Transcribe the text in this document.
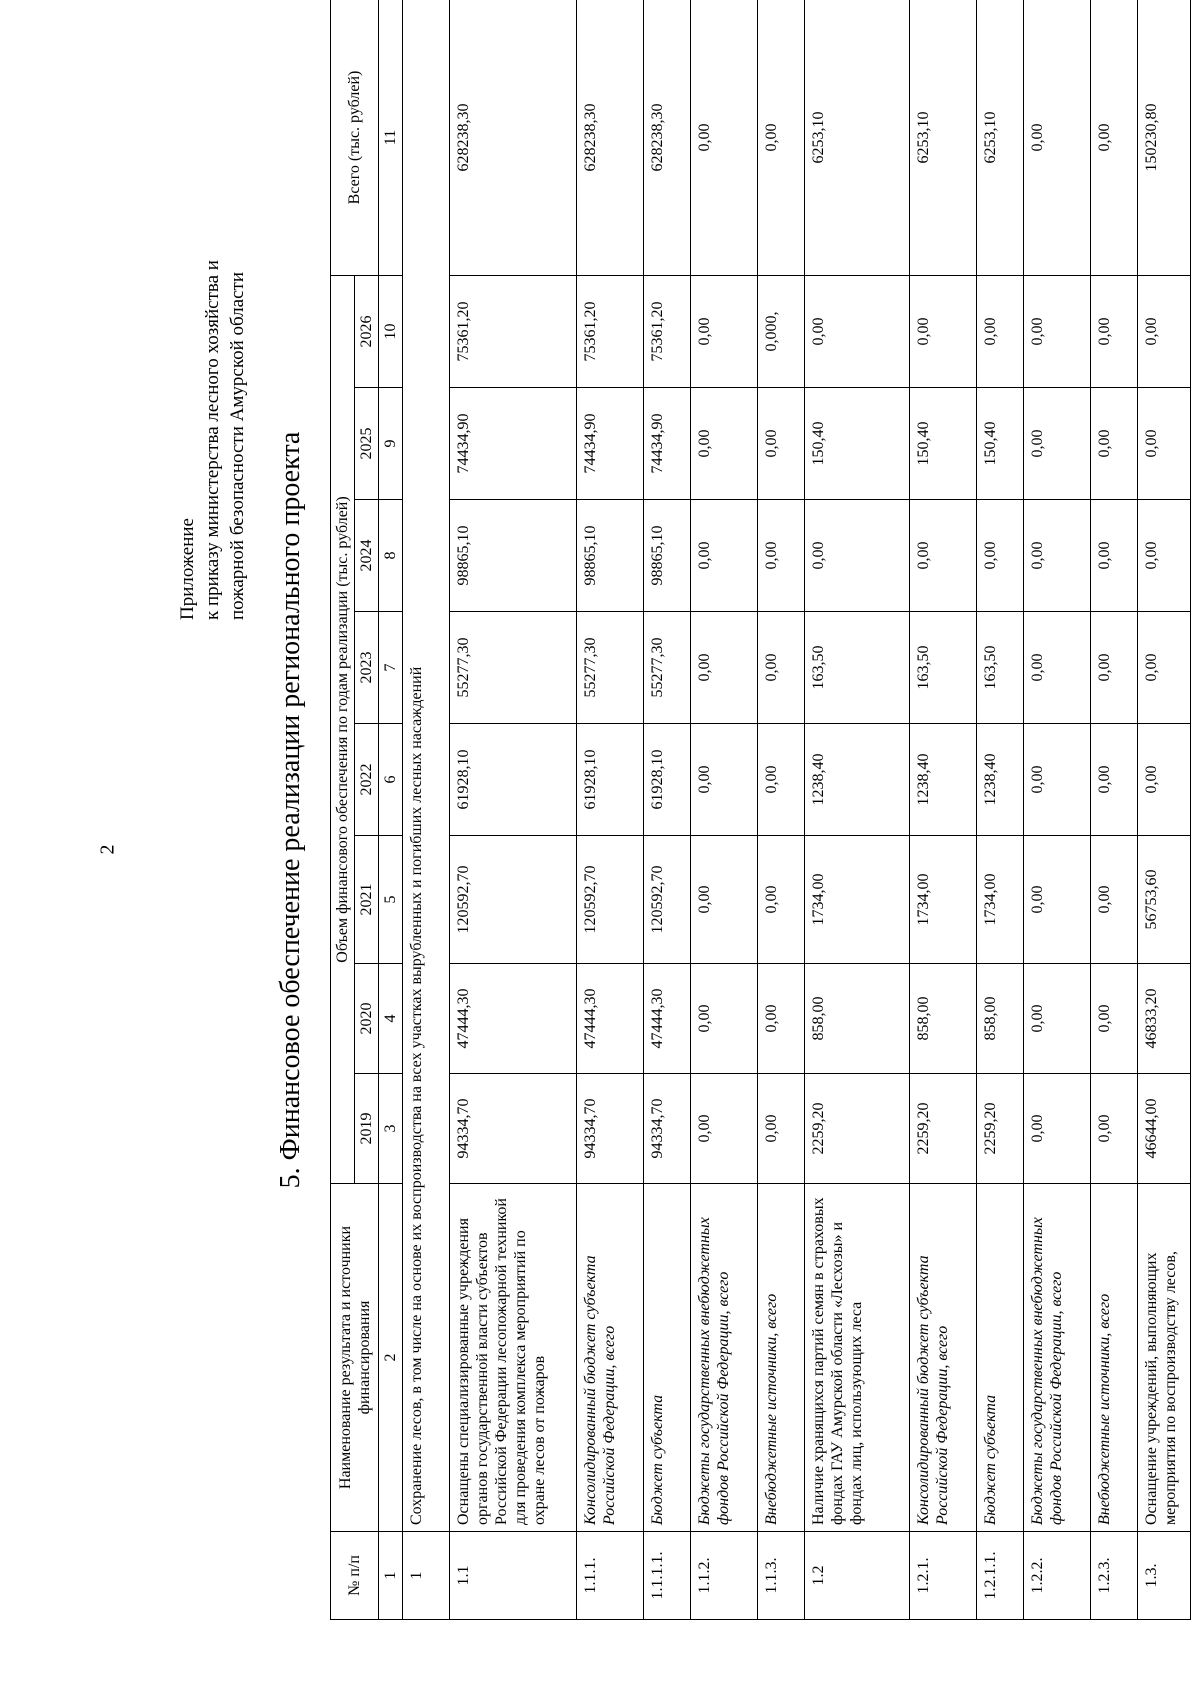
2
Приложение к приказу министерства лесного хозяйства и пожарной безопасности Амурской области 5. Финансовое обеспечение реализации регионального проекта
№ п/п	Наименование результата и источники финансирования	Объем финансового обеспечения по годам реализации (тыс. рублей)								Всего (тыс. рублей)
		2019	2020	2021	2022	2023	2024	2025	2026	
1	2	3	4	5	6	7	8	9	10	11
1	Сохранение лесов, в том числе на основе их воспроизводства на всех участках вырубленных и погибших лесных насаждений									
1.1	Оснащены специализированные учреждения органов государственной власти субъектов Российской Федерации лесопожарной техникой для проведения комплекса мероприятий по охране лесов от пожаров	94334,70	47444,30	120592,70	61928,10	55277,30	98865,10	74434,90	75361,20	628238,30
1.1.1.	Консолидированный бюджет субъекта Российской Федерации, всего	94334,70	47444,30	120592,70	61928,10	55277,30	98865,10	74434,90	75361,20	628238,30
1.1.1.1.	Бюджет субъекта	94334,70	47444,30	120592,70	61928,10	55277,30	98865,10	74434,90	75361,20	628238,30
1.1.2.	Бюджеты государственных внебюджетных фондов Российской Федерации, всего	0,00	0,00	0,00	0,00	0,00	0,00	0,00	0,00	0,00
1.1.3.	Внебюджетные источники, всего	0,00	0,00	0,00	0,00	0,00	0,00	0,00	0,000,	0,00
1.2	Наличие хранящихся партий семян в страховых фондах ГАУ Амурской области «Лесхозы» и фондах лиц, использующих леса	2259,20	858,00	1734,00	1238,40	163,50	0,00	150,40	0,00	6253,10
1.2.1.	Консолидированный бюджет субъекта Российской Федерации, всего	2259,20	858,00	1734,00	1238,40	163,50	0,00	150,40	0,00	6253,10
1.2.1.1.	Бюджет субъекта	2259,20	858,00	1734,00	1238,40	163,50	0,00	150,40	0,00	6253,10
1.2.2.	Бюджеты государственных внебюджетных фондов Российской Федерации, всего	0,00	0,00	0,00	0,00	0,00	0,00	0,00	0,00	0,00
1.2.3.	Внебюджетные источники, всего	0,00	0,00	0,00	0,00	0,00	0,00	0,00	0,00	0,00
1.3.	Оснащение учреждений, выполняющих мероприятия по воспроизводству лесов,	46644,00	46833,20	56753,60	0,00	0,00	0,00	0,00	0,00	150230,80
